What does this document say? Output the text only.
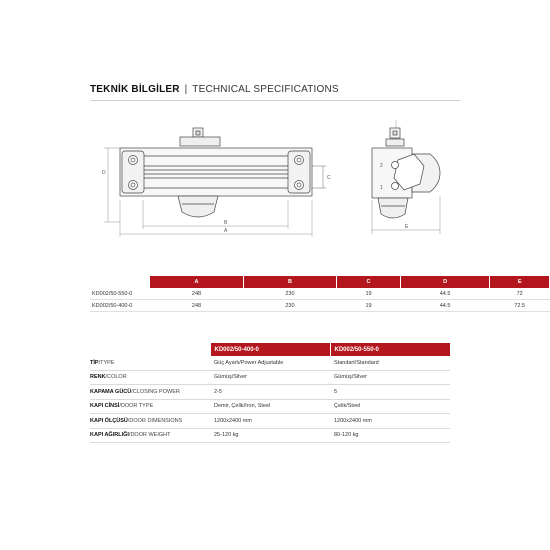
TEKNİK BİLGİLER | TECHNICAL SPECIFICATIONS
D
C
B
A
2
1
E
	A	B	C	D	E
KD002/50-550-0	248	230	19	44.5	72
KD002/50-400-0	248	230	19	44.5	72.5
	KD002/50-400-0	KD002/50-550-0
TİP/TYPE	Güç Ayarlı/Power Adjustable	Standart/Standard
RENK/COLOR	Gümüş/Silver	Gümüş/Silver
KAPAMA GÜCÜ/CLOSING POWER	2-5	5
KAPI CİNSİ/DOOR TYPE	Demir, Çelik/Iron, Steel	Çelik/Steel
KAPI ÖLÇÜSÜ/DOOR DIMENSIONS	1200x2400 mm	1200x2400 mm
KAPI AĞIRLIĞI/DOOR WEIGHT	25-120 kg	80-120 kg
